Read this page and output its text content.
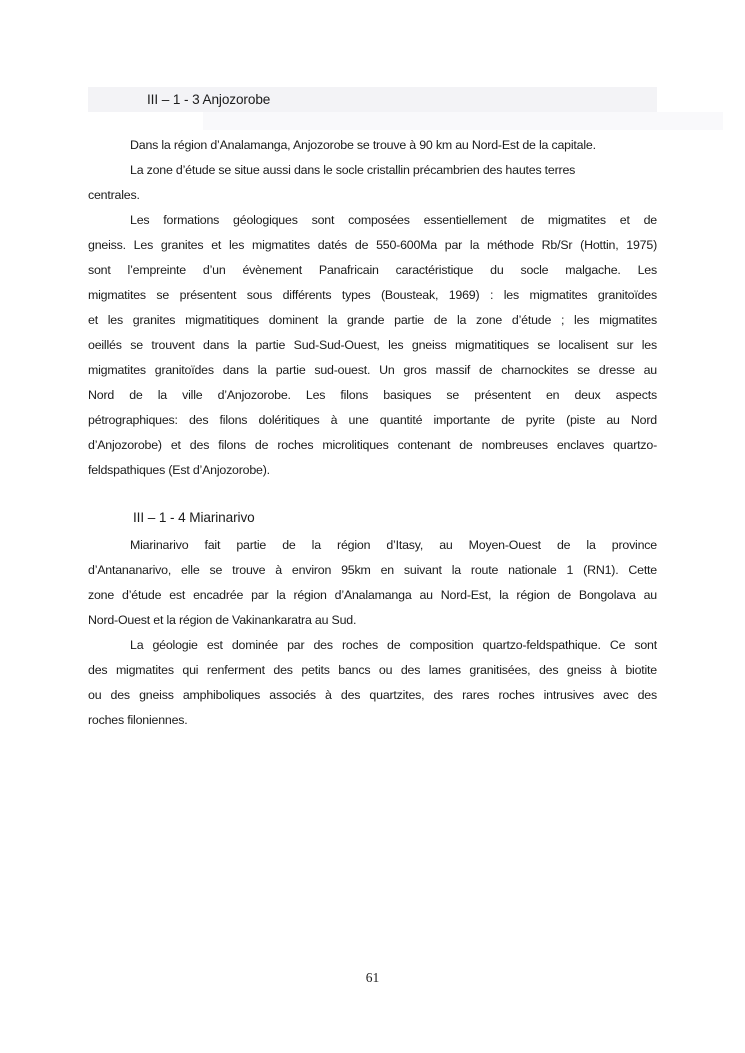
III – 1 - 3 Anjozorobe
Dans la région d’Analamanga, Anjozorobe se trouve à 90 km au Nord-Est de la capitale.
La zone d’étude se situe aussi dans le socle cristallin précambrien des hautes terres
centrales.
Les formations géologiques sont composées essentiellement de migmatites et de
gneiss. Les granites et les migmatites datés de 550-600Ma par la méthode Rb/Sr (Hottin, 1975)
sont l’empreinte d’un évènement Panafricain caractéristique du socle malgache. Les
migmatites se présentent sous différents types (Bousteak, 1969) : les migmatites granitoïdes
et les granites migmatitiques dominent la grande partie de la zone d’étude ; les migmatites
oeillés se trouvent dans la partie Sud-Sud-Ouest, les gneiss migmatitiques se localisent sur les
migmatites granitoïdes dans la partie sud-ouest. Un gros massif de charnockites se dresse au
Nord de la ville d’Anjozorobe. Les filons basiques se présentent en deux aspects
pétrographiques: des filons doléritiques à une quantité importante de pyrite (piste au Nord
d’Anjozorobe) et des filons de roches microlitiques contenant de nombreuses enclaves quartzo-
feldspathiques (Est d’Anjozorobe).
III – 1 - 4 Miarinarivo
Miarinarivo fait partie de la région d’Itasy, au Moyen-Ouest de la province
d’Antananarivo, elle se trouve à environ 95km en suivant la route nationale 1 (RN1). Cette
zone d’étude est encadrée par la région d’Analamanga au Nord-Est, la région de Bongolava au
Nord-Ouest et la région de Vakinankaratra au Sud.
La géologie est dominée par des roches de composition quartzo-feldspathique. Ce sont
des migmatites qui renferment des petits bancs ou des lames granitisées, des gneiss à biotite
ou des gneiss amphiboliques associés à des quartzites, des rares roches intrusives avec des
roches filoniennes.
61
